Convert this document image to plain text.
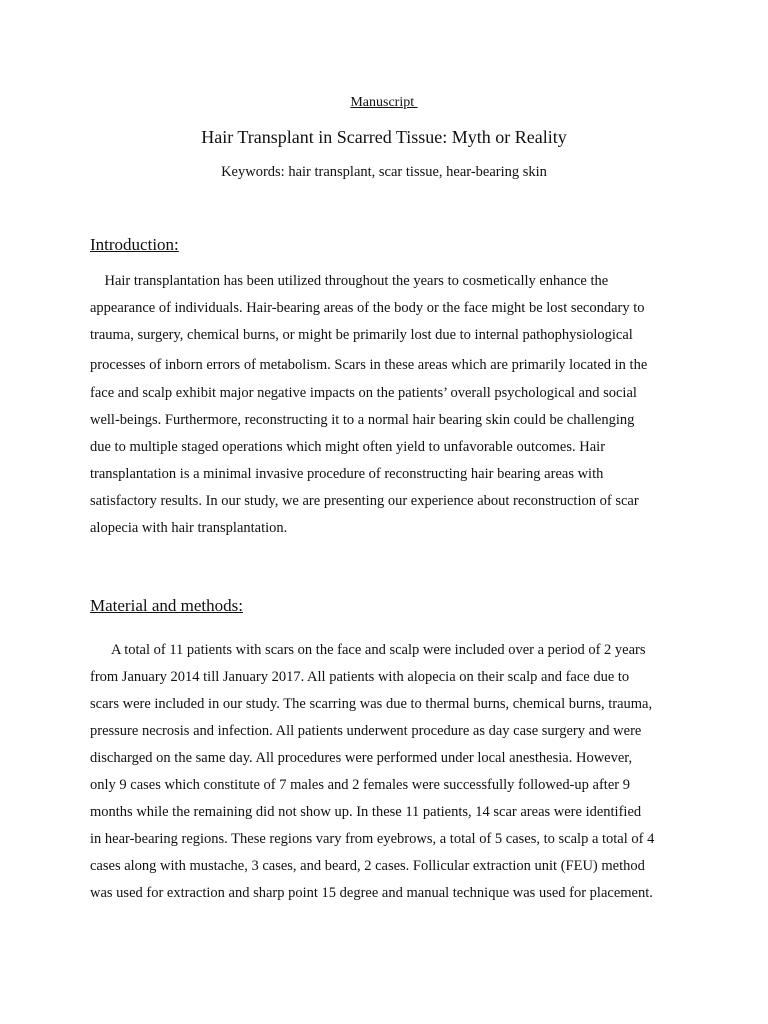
Manuscript
Hair Transplant in Scarred Tissue: Myth or Reality
Keywords: hair transplant, scar tissue, hear-bearing skin
Introduction:
Hair transplantation has been utilized throughout the years to cosmetically enhance the
appearance of individuals. Hair-bearing areas of the body or the face might be lost secondary to
trauma, surgery, chemical burns, or might be primarily lost due to internal pathophysiological
processes of inborn errors of metabolism. Scars in these areas which are primarily located in the
face and scalp exhibit major negative impacts on the patients’ overall psychological and social
well-beings. Furthermore, reconstructing it to a normal hair bearing skin could be challenging
due to multiple staged operations which might often yield to unfavorable outcomes. Hair
transplantation is a minimal invasive procedure of reconstructing hair bearing areas with
satisfactory results. In our study, we are presenting our experience about reconstruction of scar
alopecia with hair transplantation.
Material and methods:
A total of 11 patients with scars on the face and scalp were included over a period of 2 years
from January 2014 till January 2017. All patients with alopecia on their scalp and face due to
scars were included in our study. The scarring was due to thermal burns, chemical burns, trauma,
pressure necrosis and infection. All patients underwent procedure as day case surgery and were
discharged on the same day. All procedures were performed under local anesthesia. However,
only 9 cases which constitute of 7 males and 2 females were successfully followed-up after 9
months while the remaining did not show up. In these 11 patients, 14 scar areas were identified
in hear-bearing regions. These regions vary from eyebrows, a total of 5 cases, to scalp a total of 4
cases along with mustache, 3 cases, and beard, 2 cases. Follicular extraction unit (FEU) method
was used for extraction and sharp point 15 degree and manual technique was used for placement.
